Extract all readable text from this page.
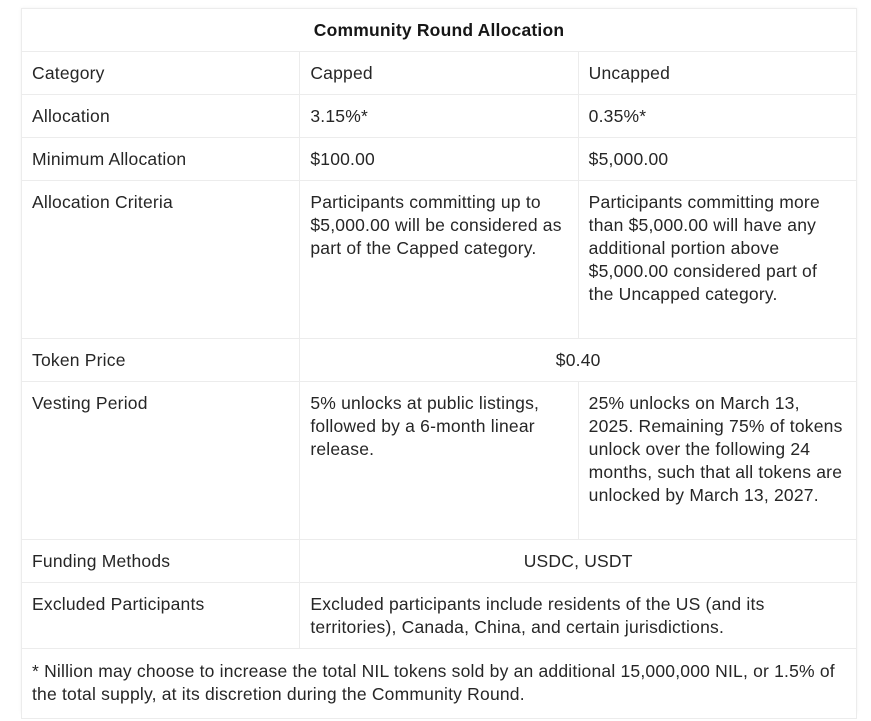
Community Round Allocation		
Category	Capped	Uncapped
Allocation	3.15%*	0.35%*
Minimum Allocation	$100.00	$5,000.00
Allocation Criteria	Participants committing up to $5,000.00 will be considered as part of the Capped category.	Participants committing more than $5,000.00 will have any additional portion above $5,000.00 considered part of the Uncapped category.
Token Price	$0.40	
Vesting Period	5% unlocks at public listings, followed by a 6-month linear release.	25% unlocks on March 13, 2025. Remaining 75% of tokens unlock over the following 24 months, such that all tokens are unlocked by March 13, 2027.
Funding Methods	USDC, USDT	
Excluded Participants	Excluded participants include residents of the US (and its territories), Canada, China, and certain jurisdictions.	
* Nillion may choose to increase the total NIL tokens sold by an additional 15,000,000 NIL, or 1.5% of the total supply, at its discretion during the Community Round.		
